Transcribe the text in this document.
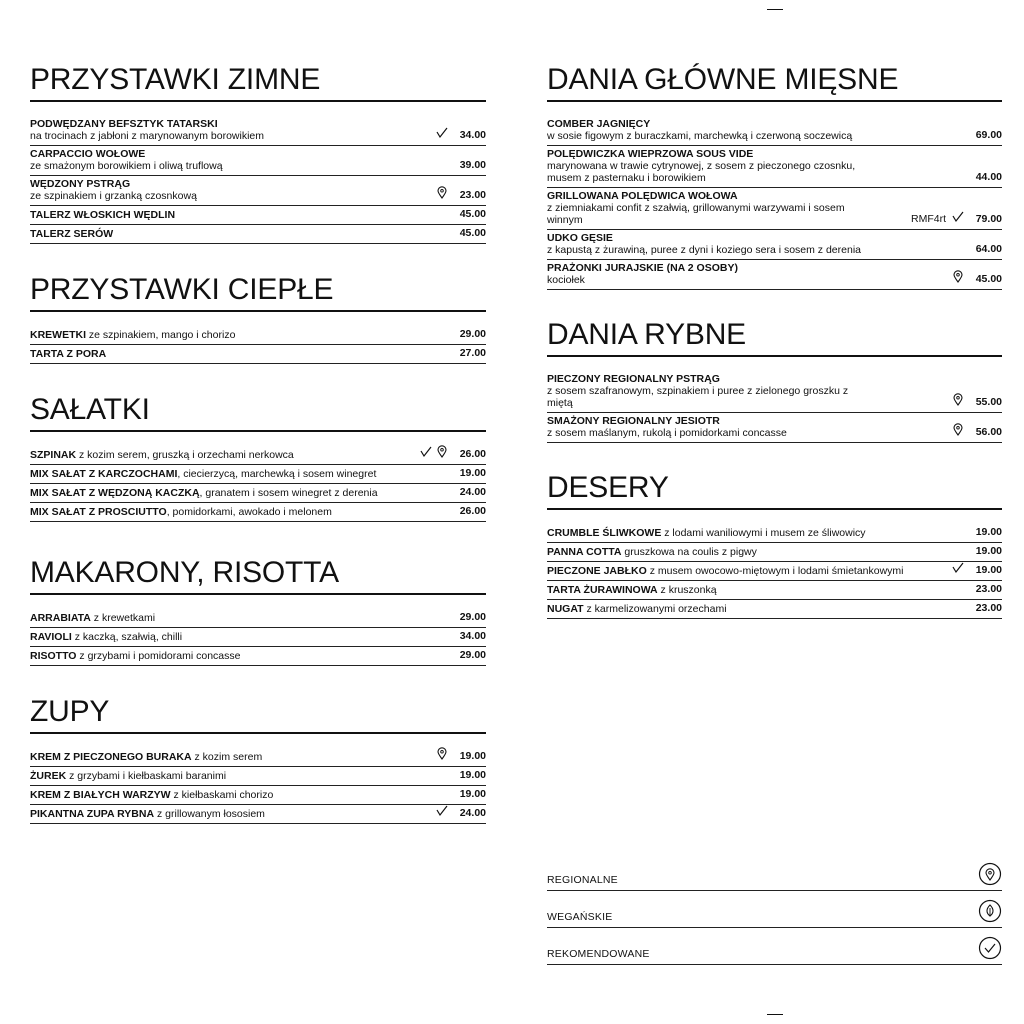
PRZYSTAWKI ZIMNE
PODWĘDZANY BEFSZTYK TATARSKI
na trocinach z jabłoni z marynowanym borowikiem	34.00
CARPACCIO WOŁOWE
ze smażonym borowikiem i oliwą truflową	39.00
WĘDZONY PSTRĄG
ze szpinakiem i grzanką czosnkową	23.00
TALERZ WŁOSKICH WĘDLIN	45.00
TALERZ SERÓW	45.00
PRZYSTAWKI CIEPŁE
KREWETKI ze szpinakiem, mango i chorizo	29.00
TARTA Z PORA	27.00
SAŁATKI
SZPINAK z kozim serem, gruszką i orzechami nerkowca	26.00
MIX SAŁAT Z KARCZOCHAMI, ciecierzycą, marchewką i sosem winegret	19.00
MIX SAŁAT Z WĘDZONĄ KACZKĄ, granatem i sosem winegret z derenia	24.00
MIX SAŁAT Z PROSCIUTTO, pomidorkami, awokado i melonem	26.00
MAKARONY, RISOTTA
ARRABIATA z krewetkami	29.00
RAVIOLI z kaczką, szałwią, chilli	34.00
RISOTTO z grzybami i pomidorami concasse	29.00
ZUPY
KREM Z PIECZONEGO BURAKA z kozim serem	19.00
ŻUREK z grzybami i kiełbaskami baranimi	19.00
KREM Z BIAŁYCH WARZYW z kiełbaskami chorizo	19.00
PIKANTNA ZUPA RYBNA z grillowanym łososiem	24.00
DANIA GŁÓWNE MIĘSNE
COMBER JAGNIĘCY
w sosie figowym z buraczkami, marchewką i czerwoną soczewicą	69.00
POLĘDWICZKA WIEPRZOWA SOUS VIDE
marynowana w trawie cytrynowej, z sosem z pieczonego czosnku,
musem z pasternaku i borowikiem	44.00
GRILLOWANA POLĘDWICA WOŁOWA
z ziemniakami confit z szałwią, grillowanymi warzywami i sosem winnym	RMF4rt	79.00
UDKO GĘSIE
z kapustą z żurawiną, puree z dyni i koziego sera i sosem z derenia	64.00
PRAŻONKI JURAJSKIE (NA 2 OSOBY)
kociołek	45.00
DANIA RYBNE
PIECZONY REGIONALNY PSTRĄG
z sosem szafranowym, szpinakiem i puree z zielonego groszku z miętą	55.00
SMAŻONY REGIONALNY JESIOTR
z sosem maślanym, rukolą i pomidorkami concasse	56.00
DESERY
CRUMBLE ŚLIWKOWE z lodami waniliowymi i musem ze śliwowicy	19.00
PANNA COTTA gruszkowa na coulis z pigwy	19.00
PIECZONE JABŁKO z musem owocowo-miętowym i lodami śmietankowymi	19.00
TARTA ŻURAWINOWA z kruszonką	23.00
NUGAT z karmelizowanymi orzechami	23.00
REGIONALNE
WEGAŃSKIE
REKOMENDOWANE
